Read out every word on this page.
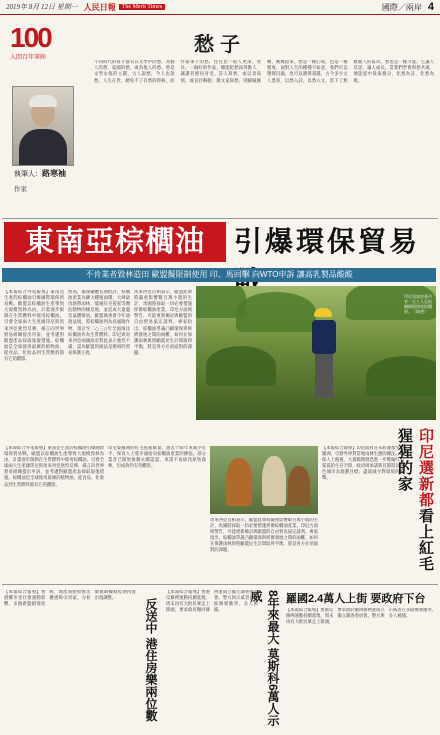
2019年 8月 12日 星期一 人民日報	The Merit Times	國際／兩岸 4
100
人間百年筆陣
執筆人：路寒袖
作家
愁子
不同時代的寫手都有其文學中的愁，為個人的愁、家國的愁、或為他人的愁。愁是文學永恆的主題，古人說愁，今人也說愁。人生在世，總免不了有愁的時候，而作家筆下的愁，往往比一般人更深、更長。一個好的作家，總能把愁寫得動人，讓讀者感同身受。詩人寫愁，或以景寫情，或直抒胸臆；散文家寫愁，則細膩婉轉，娓娓道來。愁是一種心境，也是一種態度，面對人生的種種不如意，我們可以選擇沉溺，也可以選擇超越。古今多少文人墨客，以愁入詩，以愁入文，留下了無數動人的篇章。愁也是一種力量，它讓人反思，讓人成長。當我們學會與愁共處，便能從中汲取養分，化愁為詩，化愁為歌。
東南亞棕櫚油	引爆環保貿易
不肯業者毀林造田 歐盟擬限制使用 印、馬回擊 向WTO申訴 讓高乳製品酸酸
印尼西加里曼丹省一名工人在棕櫚樹園採收棕櫚果。（路透）
【本報綜合外電報導】東南亞生產的棕櫚油引爆國際環保貿易戰。歐盟以棕櫚油生產導致大規模毀林為由，計畫逐步限制在生質燃料中使用棕櫚油，引發全球兩大生產國印尼與馬來西亞強烈反彈，揚言向世界貿易組織提出申訴，並考慮對歐盟產品採取報復措施。棕櫚油是全球使用最廣的植物油，從食品、化妝品到生質燃料都有它的蹤影。
然而，環保團體長期批評，棕櫚油產業為擴大種植面積，大肆砍伐熱帶雨林，破壞紅毛猩猩等瀕危動物的棲息地，並造成大量溫室氣體排放。歐盟執委會今年通過法規，將棕櫚油列為高風險作物，預計至二○三○年全面淘汰棕櫚油作為生質燃料。印尼與馬來西亞兩國政府對此表示強烈不滿，認為歐盟的做法是變相的貿易保護主義。
馬來西亞首相表示，歐盟此舉將嚴重影響數百萬小農的生計，馬國將採取一切必要措施捍衛棕櫚油產業。印尼方面則警告，可能重新檢討與歐盟的自由貿易協定談判。專家指出，棕櫚油爭議凸顯環保與經濟發展之間的兩難，如何在保護雨林與照顧農民生計間取得平衡，將是各方必須面對的課題。
【本報綜合外電報導】東南亞生產的棕櫚油引爆國際環保貿易戰。歐盟以棕櫚油生產導致大規模毀林為由，計畫逐步限制在生質燃料中使用棕櫚油，引發全球兩大生產國印尼與馬來西亞強烈反彈，揚言向世界貿易組織提出申訴，並考慮對歐盟產品採取報復措施。棕櫚油是全球使用最廣的植物油，從食品、化妝品到生質燃料都有它的蹤影。
印尼婆羅洲的紅毛猩猩數量，過去十餘年來減少近半，保育人士將矛頭指向棕櫚油產業的擴張。部分業者已開始推動永續認證，承諾不再砍伐原始森林，但成效仍有待觀察。
【本報綜合報導】印尼政府宣布將遷都至婆羅洲，引發外界對當地雨林生態的關注。環保人士擔憂，大規模開發恐進一步壓縮紅毛猩猩的生存空間，政府則承諾新首都將以綠色城市為規劃目標，盡量減少對環境的衝擊。
馬來西亞首相表示，歐盟此舉將嚴重影響數百萬小農的生計，馬國將採取一切必要措施捍衛棕櫚油產業。印尼方面則警告，可能重新檢討與歐盟的自由貿易協定談判。專家指出，棕櫚油爭議凸顯環保與經濟發展之間的兩難，如何在保護雨林與照顧農民生計間取得平衡，將是各方必須面對的課題。
印尼選新都看上紅毛猩猩的家
羅國2.4萬人上街 要政府下台
【本報綜合報導】香港反修例運動持續延燒，周末再有大批民眾走上街頭，要求政府撤回修例並成立獨立調查委員會。警方與示威者在多區爆發衝突，多人被捕。
8年來最大 莫斯科6萬人示威
【本報綜合報導】香港反修例運動持續延燒，周末再有大批民眾走上街頭，要求政府撤回修例並成立獨立調查委員會。警方與示威者在多區爆發衝突，多人被捕。
反送中 港住房樂兩位數
【本報綜合報導】香港樓市受社會運動影響，多個新盤銷情放緩，地產商紛紛推出優惠吸引買家，分析師預期樓價短期內將出現調整。
